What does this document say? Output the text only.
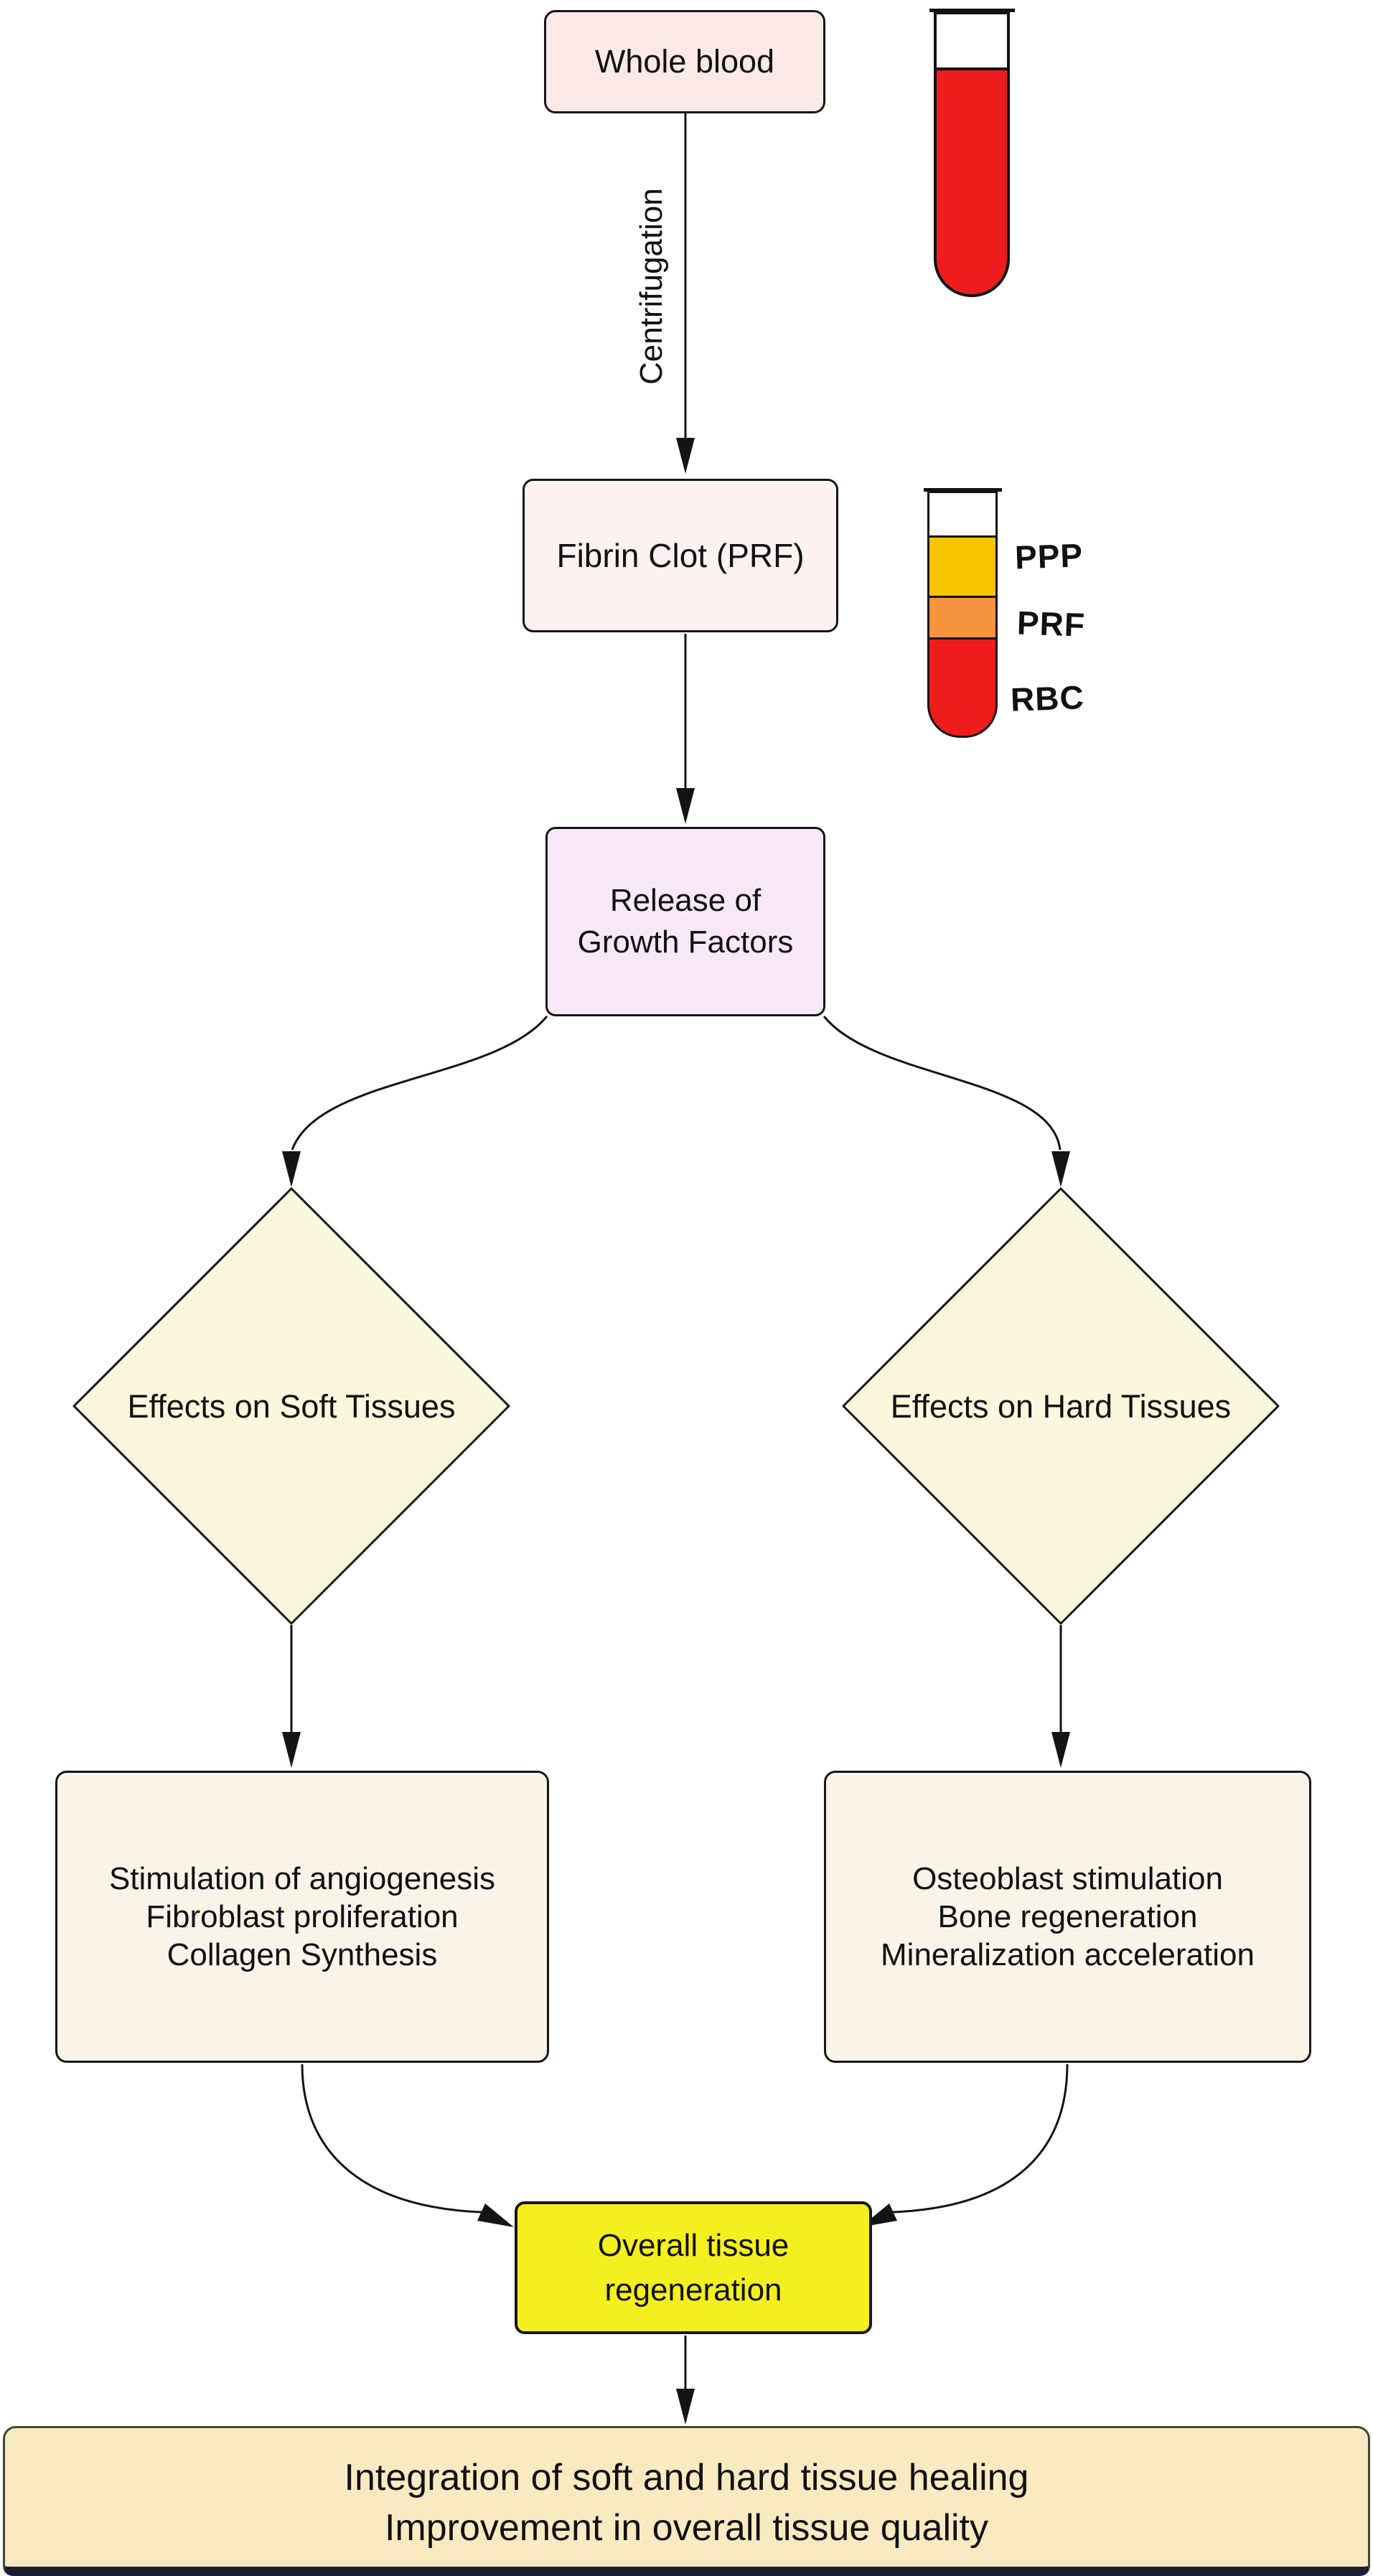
Whole blood
Centrifugation
Fibrin Clot (PRF)
Release of
Growth Factors
Effects on Soft Tissues	Effects on Hard Tissues
Stimulation of angiogenesis
Fibroblast proliferation
Collagen Synthesis
Osteoblast stimulation
Bone regeneration
Mineralization acceleration
Overall tissue
regeneration
Integration of soft and hard tissue healing
Improvement in overall tissue quality
PPP
PRF
RBC
